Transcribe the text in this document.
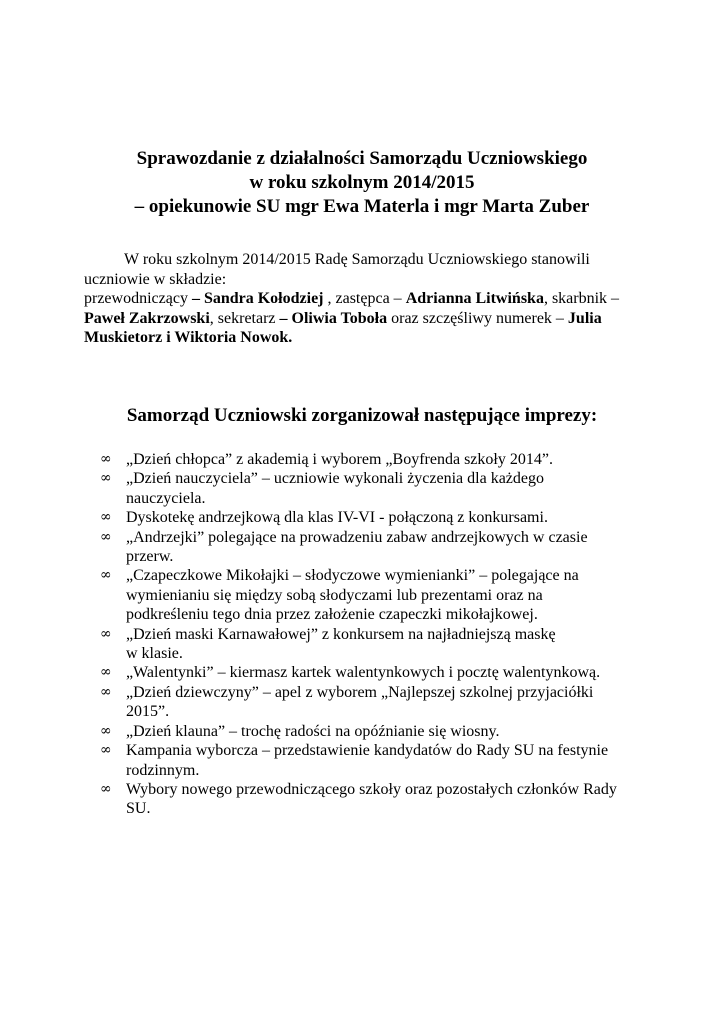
Sprawozdanie z działalności Samorządu Uczniowskiego
w roku szkolnym 2014/2015
– opiekunowie SU mgr Ewa Materla i mgr Marta Zuber
W roku szkolnym 2014/2015 Radę Samorządu Uczniowskiego stanowili
uczniowie w składzie:
przewodniczący – Sandra Kołodziej , zastępca – Adrianna Litwińska, skarbnik –
Paweł Zakrzowski, sekretarz – Oliwia Toboła oraz szczęśliwy numerek – Julia
Muskietorz i Wiktoria Nowok.
Samorząd Uczniowski zorganizował następujące imprezy:
∞ „Dzień chłopca” z akademią i wyborem „Boyfrenda szkoły 2014”.
∞ „Dzień nauczyciela” – uczniowie wykonali życzenia dla każdego
nauczyciela.
∞ Dyskotekę andrzejkową dla klas IV-VI - połączoną z konkursami.
∞ „Andrzejki” polegające na prowadzeniu zabaw andrzejkowych w czasie
przerw.
∞ „Czapeczkowe Mikołajki – słodyczowe wymienianki” – polegające na
wymienianiu się między sobą słodyczami lub prezentami oraz na
podkreśleniu tego dnia przez założenie czapeczki mikołajkowej.
∞ „Dzień maski Karnawałowej” z konkursem na najładniejszą maskę
w klasie.
∞ „Walentynki” – kiermasz kartek walentynkowych i pocztę walentynkową.
∞ „Dzień dziewczyny” – apel z wyborem „Najlepszej szkolnej przyjaciółki
2015”.
∞ „Dzień klauna” – trochę radości na opóźnianie się wiosny.
∞ Kampania wyborcza – przedstawienie kandydatów do Rady SU na festynie
rodzinnym.
∞ Wybory nowego przewodniczącego szkoły oraz pozostałych członków Rady
SU.
